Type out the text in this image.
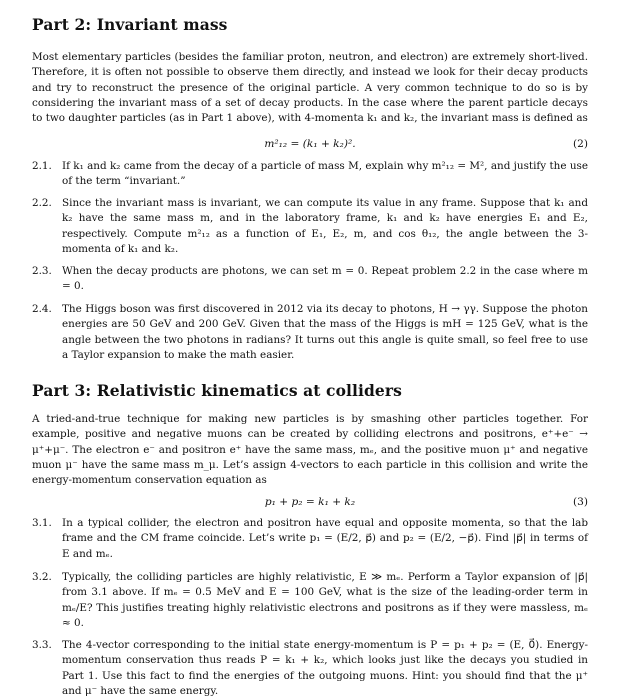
Part 2: Invariant mass

Most elementary particles (besides the familiar proton, neutron, and electron) are extremely short-lived. Therefore, it is often not possible to observe them directly, and instead we look for their decay products and try to reconstruct the presence of the original particle. A very common technique to do so is by considering the invariant mass of a set of decay products. In the case where the parent particle decays to two daughter particles (as in Part 1 above), with 4-momenta k₁ and k₂, the invariant mass is defined as

m²₁₂ = (k₁ + k₂)².	(2)
2.1. If k₁ and k₂ came from the decay of a particle of mass M, explain why m²₁₂ = M², and justify the use of the term “invariant.”
2.2. Since the invariant mass is invariant, we can compute its value in any frame. Suppose that k₁ and k₂ have the same mass m, and in the laboratory frame, k₁ and k₂ have energies E₁ and E₂, respectively. Compute m²₁₂ as a function of E₁, E₂, m, and cos θ₁₂, the angle between the 3-momenta of k₁ and k₂.
2.3. When the decay products are photons, we can set m = 0. Repeat problem 2.2 in the case where m = 0.
2.4. The Higgs boson was first discovered in 2012 via its decay to photons, H → γγ. Suppose the photon energies are 50 GeV and 200 GeV. Given that the mass of the Higgs is mH = 125 GeV, what is the angle between the two photons in radians? It turns out this angle is quite small, so feel free to use a Taylor expansion to make the math easier.
Part 3: Relativistic kinematics at colliders

A tried-and-true technique for making new particles is by smashing other particles together. For example, positive and negative muons can be created by colliding electrons and positrons, e⁺+e⁻ → μ⁺+μ⁻. The electron e⁻ and positron e⁺ have the same mass, mₑ, and the positive muon μ⁺ and negative muon μ⁻ have the same mass m_μ. Let’s assign 4-vectors to each particle in this collision and write the energy-momentum conservation equation as

p₁ + p₂ = k₁ + k₂	(3)
3.1. In a typical collider, the electron and positron have equal and opposite momenta, so that the lab frame and the CM frame coincide. Let’s write p₁ = (E/2, p⃗) and p₂ = (E/2, −p⃗). Find |p⃗| in terms of E and mₑ.
3.2. Typically, the colliding particles are highly relativistic, E ≫ mₑ. Perform a Taylor expansion of |p⃗| from 3.1 above. If mₑ = 0.5 MeV and E = 100 GeV, what is the size of the leading-order term in mₑ/E? This justifies treating highly relativistic electrons and positrons as if they were massless, mₑ ≈ 0.
3.3. The 4-vector corresponding to the initial state energy-momentum is P = p₁ + p₂ = (E, 0⃗). Energy-momentum conservation thus reads P = k₁ + k₂, which looks just like the decays you studied in Part 1. Use this fact to find the energies of the outgoing muons. Hint: you should find that the μ⁺ and μ⁻ have the same energy.
